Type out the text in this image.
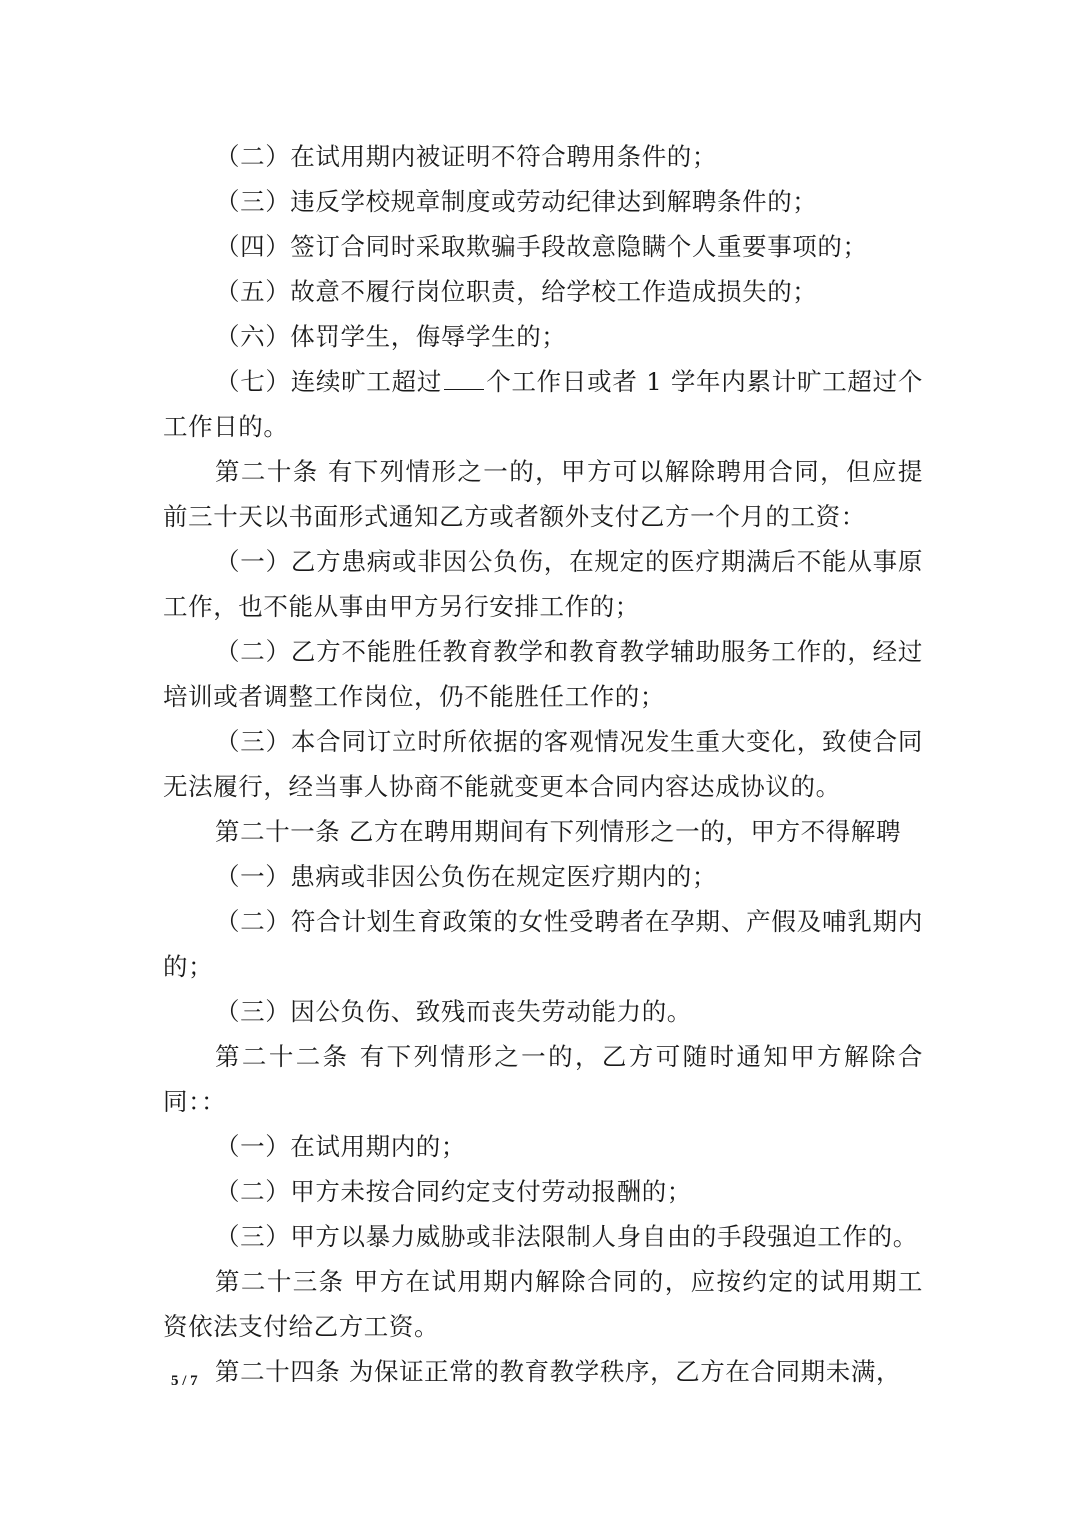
（二）在试用期内被证明不符合聘用条件的；

（三）违反学校规章制度或劳动纪律达到解聘条件的；

（四）签订合同时采取欺骗手段故意隐瞒个人重要事项的；

（五）故意不履行岗位职责，给学校工作造成损失的；

（六）体罚学生，侮辱学生的；

（七）连续旷工超过 个工作日或者 1 学年内累计旷工超过个工作日的。

第二十条 有下列情形之一的，甲方可以解除聘用合同，但应提前三十天以书面形式通知乙方或者额外支付乙方一个月的工资：

（一）乙方患病或非因公负伤，在规定的医疗期满后不能从事原工作，也不能从事由甲方另行安排工作的；

（二）乙方不能胜任教育教学和教育教学辅助服务工作的，经过培训或者调整工作岗位，仍不能胜任工作的；

（三）本合同订立时所依据的客观情况发生重大变化，致使合同无法履行，经当事人协商不能就变更本合同内容达成协议的。

第二十一条 乙方在聘用期间有下列情形之一的，甲方不得解聘

（一）患病或非因公负伤在规定医疗期内的；

（二）符合计划生育政策的女性受聘者在孕期、产假及哺乳期内的；

（三）因公负伤、致残而丧失劳动能力的。

第二十二条 有下列情形之一的，乙方可随时通知甲方解除合同：：

（一）在试用期内的；

（二）甲方未按合同约定支付劳动报酬的；

（三）甲方以暴力威胁或非法限制人身自由的手段强迫工作的。

第二十三条 甲方在试用期内解除合同的，应按约定的试用期工资依法支付给乙方工资。

第二十四条 为保证正常的教育教学秩序，乙方在合同期未满，

5 / 7
